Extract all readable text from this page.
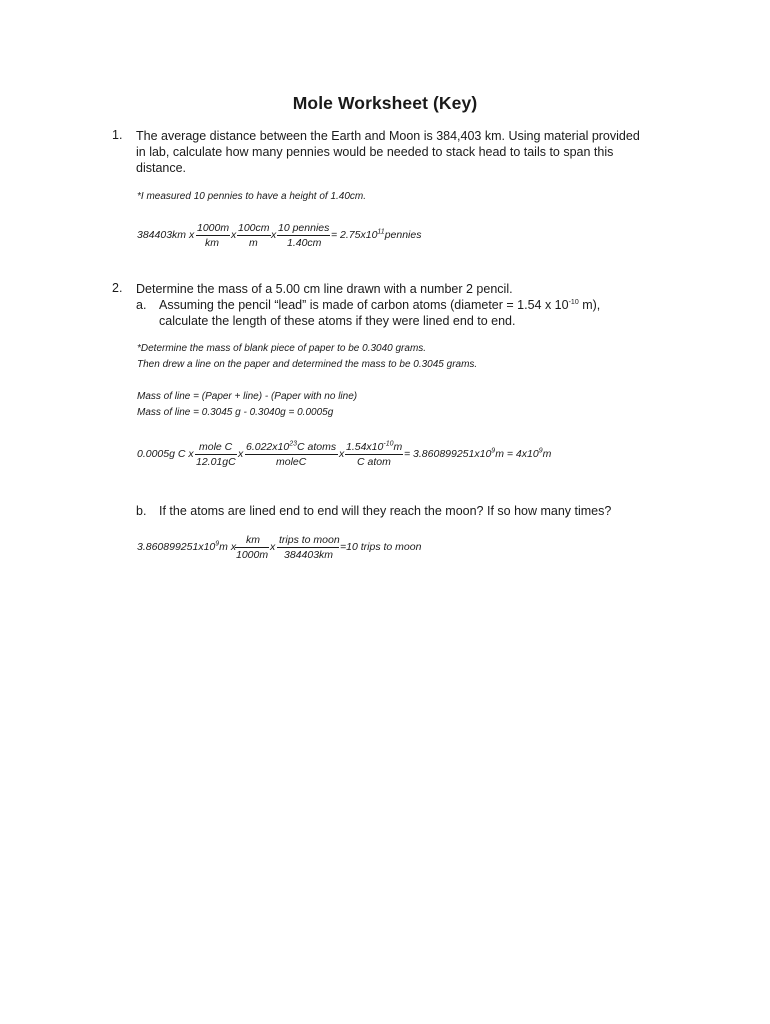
Mole Worksheet (Key)
1. The average distance between the Earth and Moon is 384,403 km. Using material provided
in lab, calculate how many pennies would be needed to stack head to tails to span this
distance.
*I measured 10 pennies to have a height of 1.40cm.
384403km x
1000m
km
x
100cm
m
x
10 pennies
1.40cm
= $2.75x10^{11}pennies$
2. Determine the mass of a 5.00 cm line drawn with a number 2 pencil.
a. Assuming the pencil “lead” is made of carbon atoms (diameter = 1.54 x $10^{-10}$ m),
calculate the length of these atoms if they were lined end to end.
*Determine the mass of blank piece of paper to be 0.3040 grams.
Then drew a line on the paper and determined the mass to be 0.3045 grams.
Mass of line = (Paper + line) - (Paper with no line)
Mass of line = 0.3045 g - 0.3040g = 0.0005g
0.0005g C x
mole C
12.01gC
x
$6.022x10^{23}C$ atoms
moleC
x
$1.54x10^{-10}m$
C atom
= $3.860899251x10^9m = 4x10^9m$
b. If the atoms are lined end to end will they reach the moon? If so how many times?
$3.860899251x10^9m$ x
km
1000m
x
trips to moon
384403km
=10 trips to moon
